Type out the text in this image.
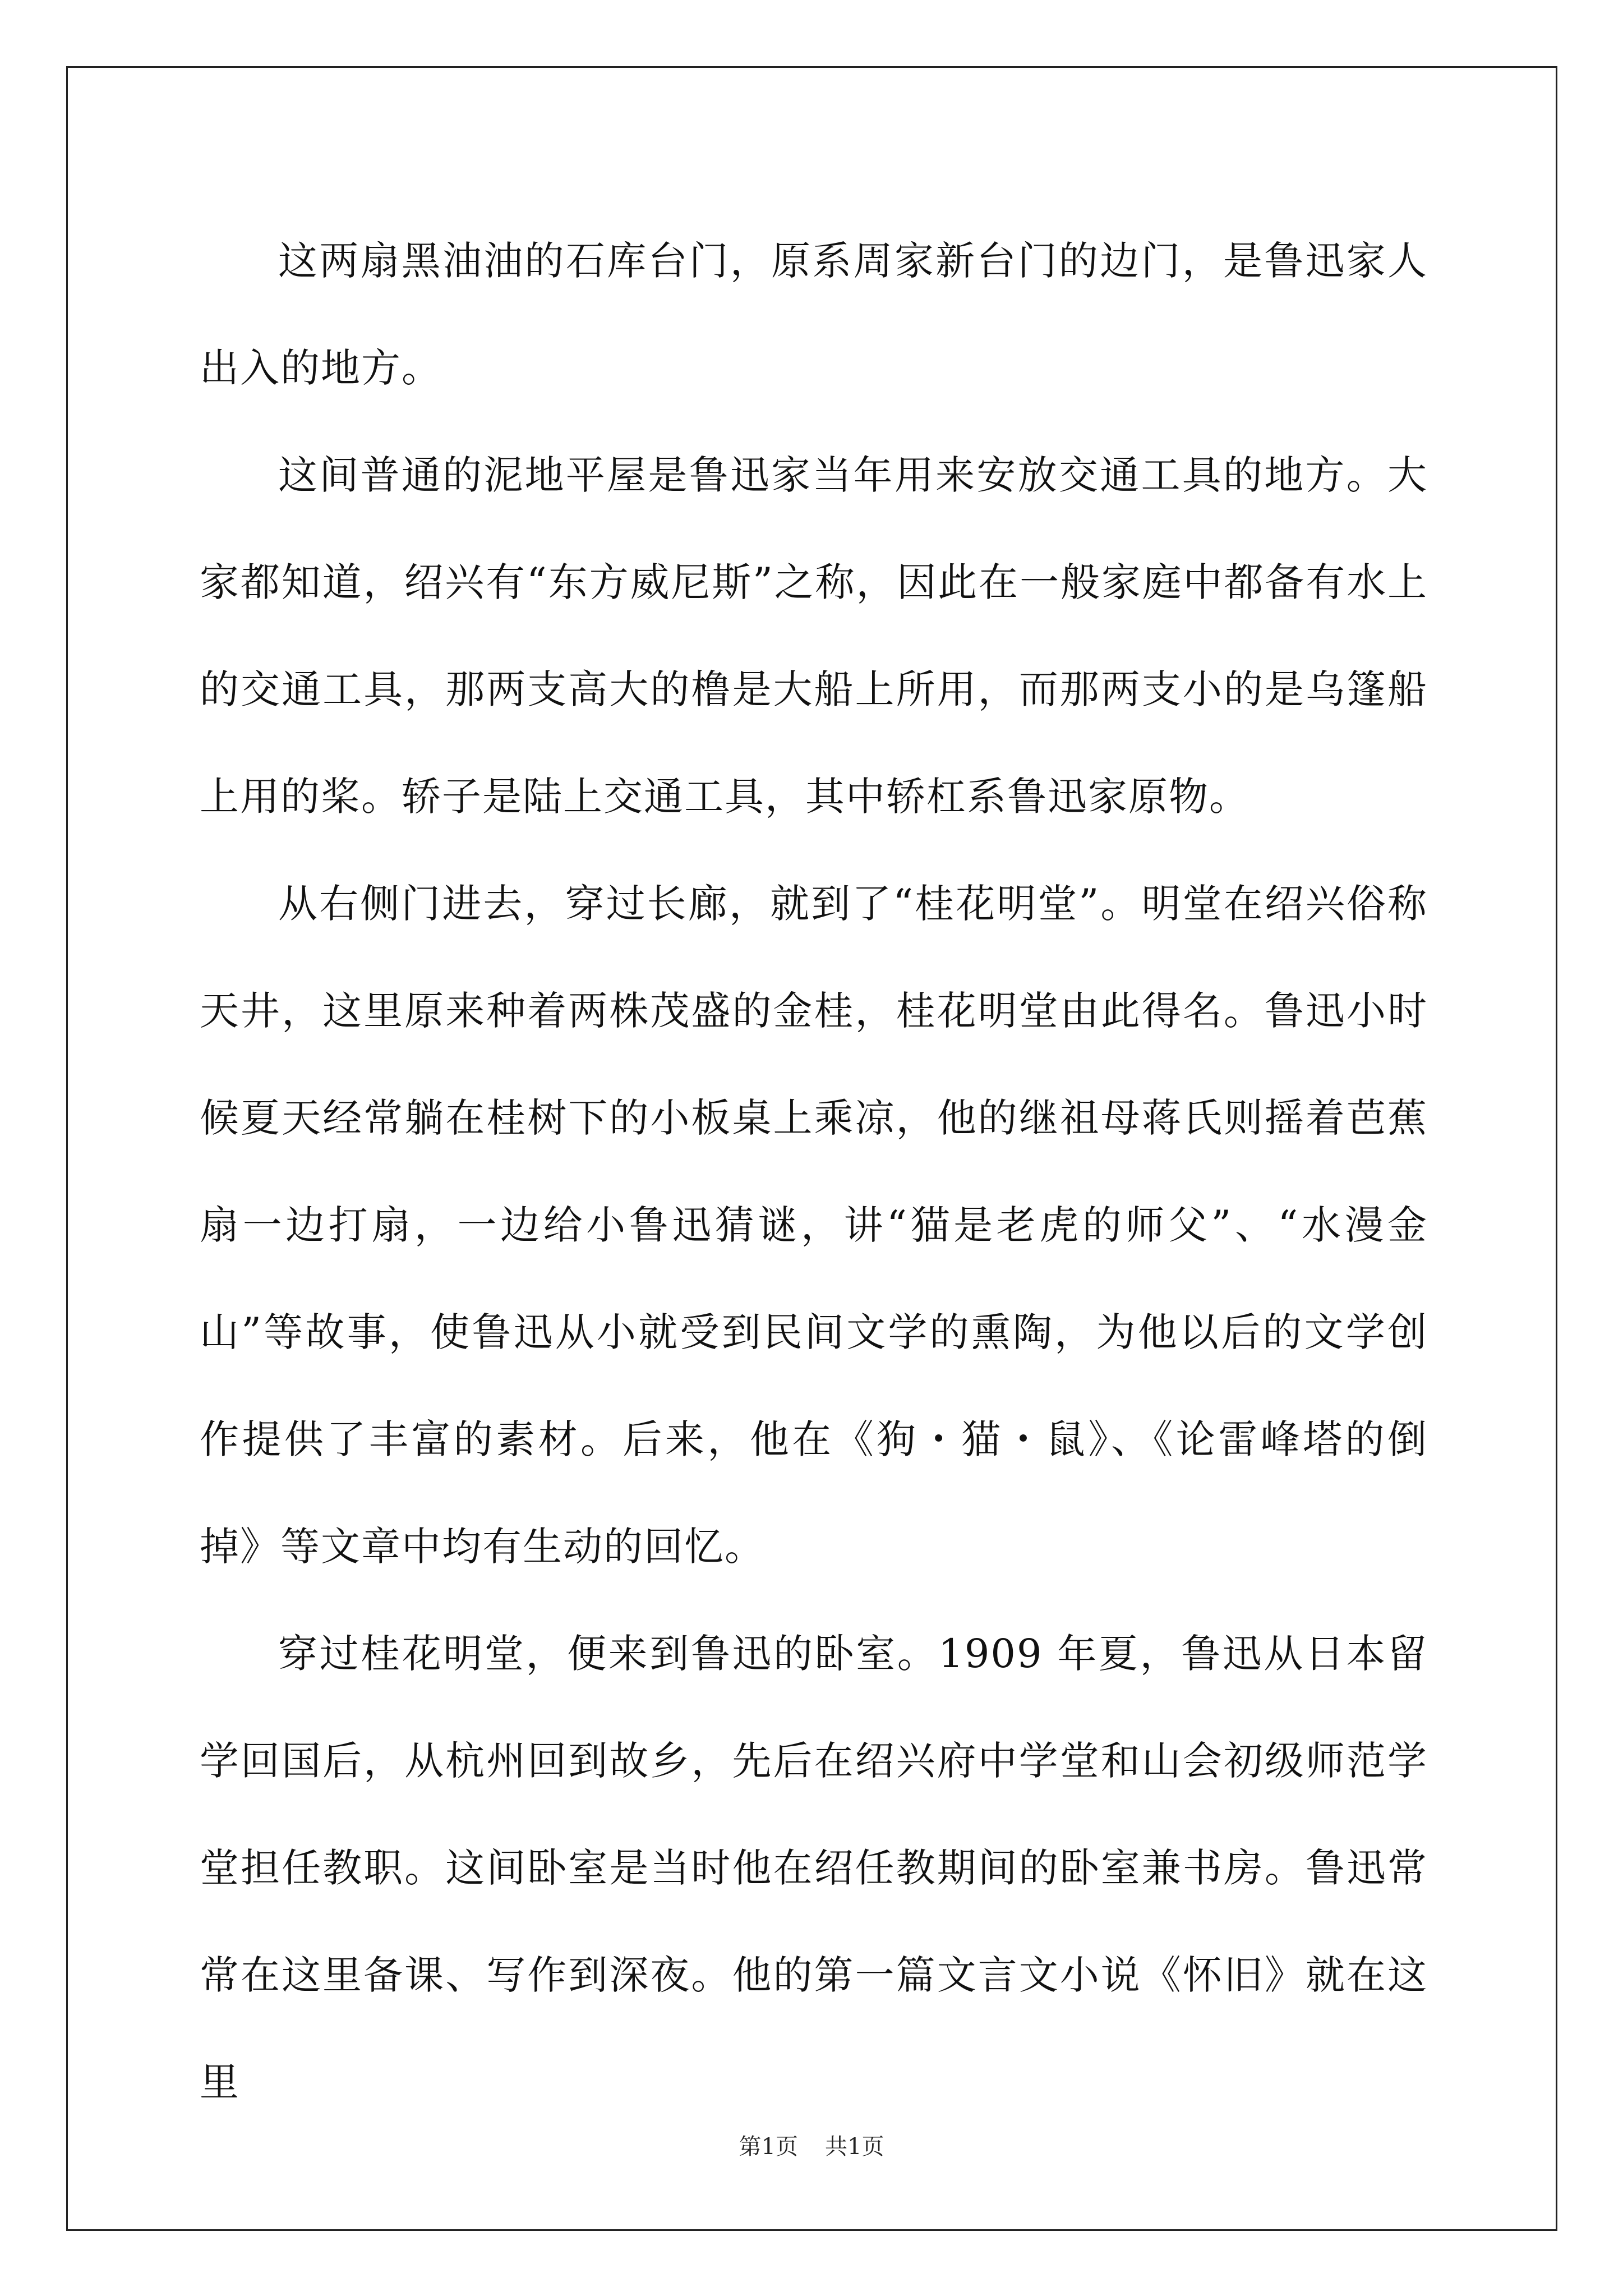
这两扇黑油油的石库台门，原系周家新台门的边门，是鲁迅家人出入的地方。

这间普通的泥地平屋是鲁迅家当年用来安放交通工具的地方。大家都知道，绍兴有“东方威尼斯”之称，因此在一般家庭中都备有水上的交通工具，那两支高大的橹是大船上所用，而那两支小的是乌篷船上用的桨。轿子是陆上交通工具，其中轿杠系鲁迅家原物。

从右侧门进去，穿过长廊，就到了“桂花明堂”。明堂在绍兴俗称天井，这里原来种着两株茂盛的金桂，桂花明堂由此得名。鲁迅小时候夏天经常躺在桂树下的小板桌上乘凉，他的继祖母蒋氏则摇着芭蕉扇一边打扇，一边给小鲁迅猜谜，讲“猫是老虎的师父”、“水漫金山”等故事，使鲁迅从小就受到民间文学的熏陶，为他以后的文学创作提供了丰富的素材。后来，他在《狗・猫・鼠》、《论雷峰塔的倒掉》等文章中均有生动的回忆。

穿过桂花明堂，便来到鲁迅的卧室。1909 年夏，鲁迅从日本留学回国后，从杭州回到故乡，先后在绍兴府中学堂和山会初级师范学堂担任教职。这间卧室是当时他在绍任教期间的卧室兼书房。鲁迅常常在这里备课、写作到深夜。他的第一篇文言文小说《怀旧》就在这里

第1页 共1页
